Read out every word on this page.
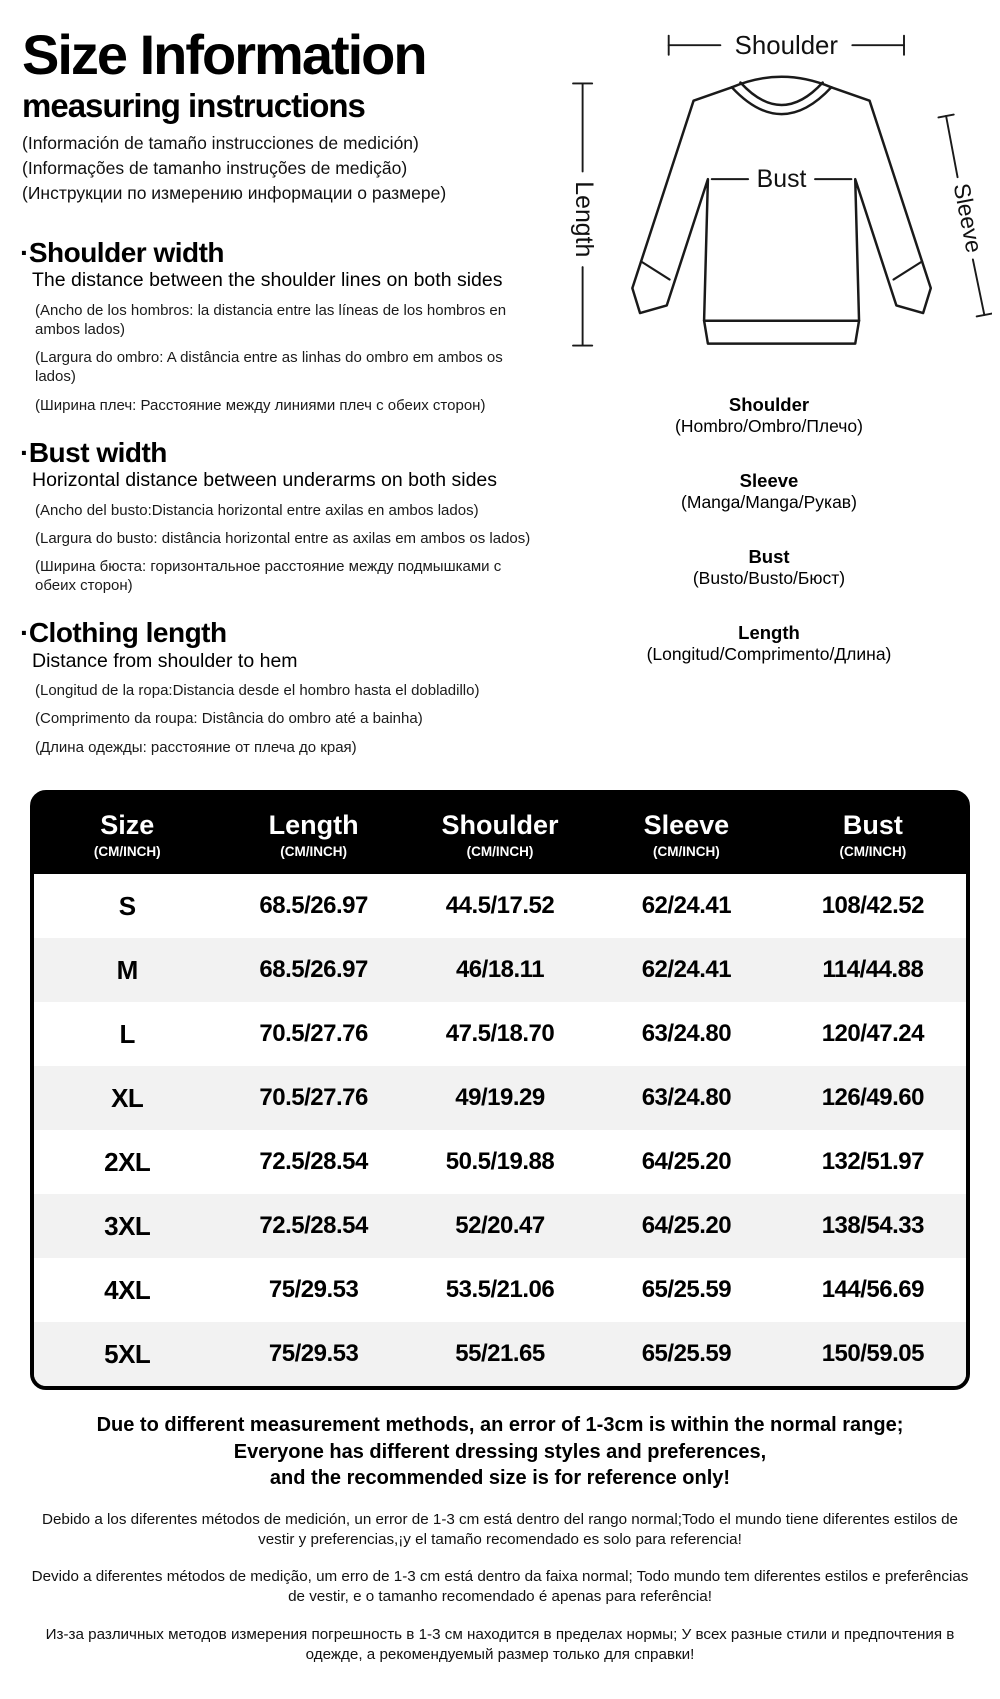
Size Information
measuring instructions
(Información de tamaño instrucciones de medición)
(Informações de tamanho instruções de medição)
(Инструкции по измерению информации о размере)
·Shoulder width
The distance between the shoulder lines on both sides
(Ancho de los hombros: la distancia entre las líneas de los hombros en ambos lados)
(Largura do ombro: A distância entre as linhas do ombro em ambos os lados)
(Ширина плеч: Расстояние между линиями плеч с обеих сторон)
·Bust width
Horizontal distance between underarms on both sides
(Ancho del busto:Distancia horizontal entre axilas en ambos lados)
(Largura do busto: distância horizontal entre as axilas em ambos os lados)
(Ширина бюста: горизонтальное расстояние между подмышками с обеих сторон)
·Clothing length
Distance from shoulder to hem
(Longitud de la ropa:Distancia desde el hombro hasta el dobladillo)
(Comprimento da roupa: Distância do ombro até a bainha)
(Длина одежды: расстояние от плеча до края)
Shoulder
Bust
Length	Sleeve
Shoulder
(Hombro/Ombro/Плечо)
Sleeve
(Manga/Manga/Рукав)
Bust
(Busto/Busto/Бюст)
Length
(Longitud/Comprimento/Длина)
Size
(CM/INCH)
Length
(CM/INCH)
Shoulder
(CM/INCH)
Sleeve
(CM/INCH)
Bust
(CM/INCH)
S	68.5/26.97	44.5/17.52	62/24.41	108/42.52
M	68.5/26.97	46/18.11	62/24.41	114/44.88
L	70.5/27.76	47.5/18.70	63/24.80	120/47.24
XL	70.5/27.76	49/19.29	63/24.80	126/49.60
2XL	72.5/28.54	50.5/19.88	64/25.20	132/51.97
3XL	72.5/28.54	52/20.47	64/25.20	138/54.33
4XL	75/29.53	53.5/21.06	65/25.59	144/56.69
5XL	75/29.53	55/21.65	65/25.59	150/59.05
Due to different measurement methods, an error of 1-3cm is within the normal range;
Everyone has different dressing styles and preferences,
and the recommended size is for reference only!
Debido a los diferentes métodos de medición, un error de 1-3 cm está dentro del rango normal;Todo el mundo tiene diferentes estilos de vestir y preferencias,¡y el tamaño recomendado es solo para referencia!
Devido a diferentes métodos de medição, um erro de 1-3 cm está dentro da faixa normal; Todo mundo tem diferentes estilos e preferências de vestir, e o tamanho recomendado é apenas para referência!
Из-за различных методов измерения погрешность в 1-3 см находится в пределах нормы; У всех разные стили и предпочтения в одежде, а рекомендуемый размер только для справки!
